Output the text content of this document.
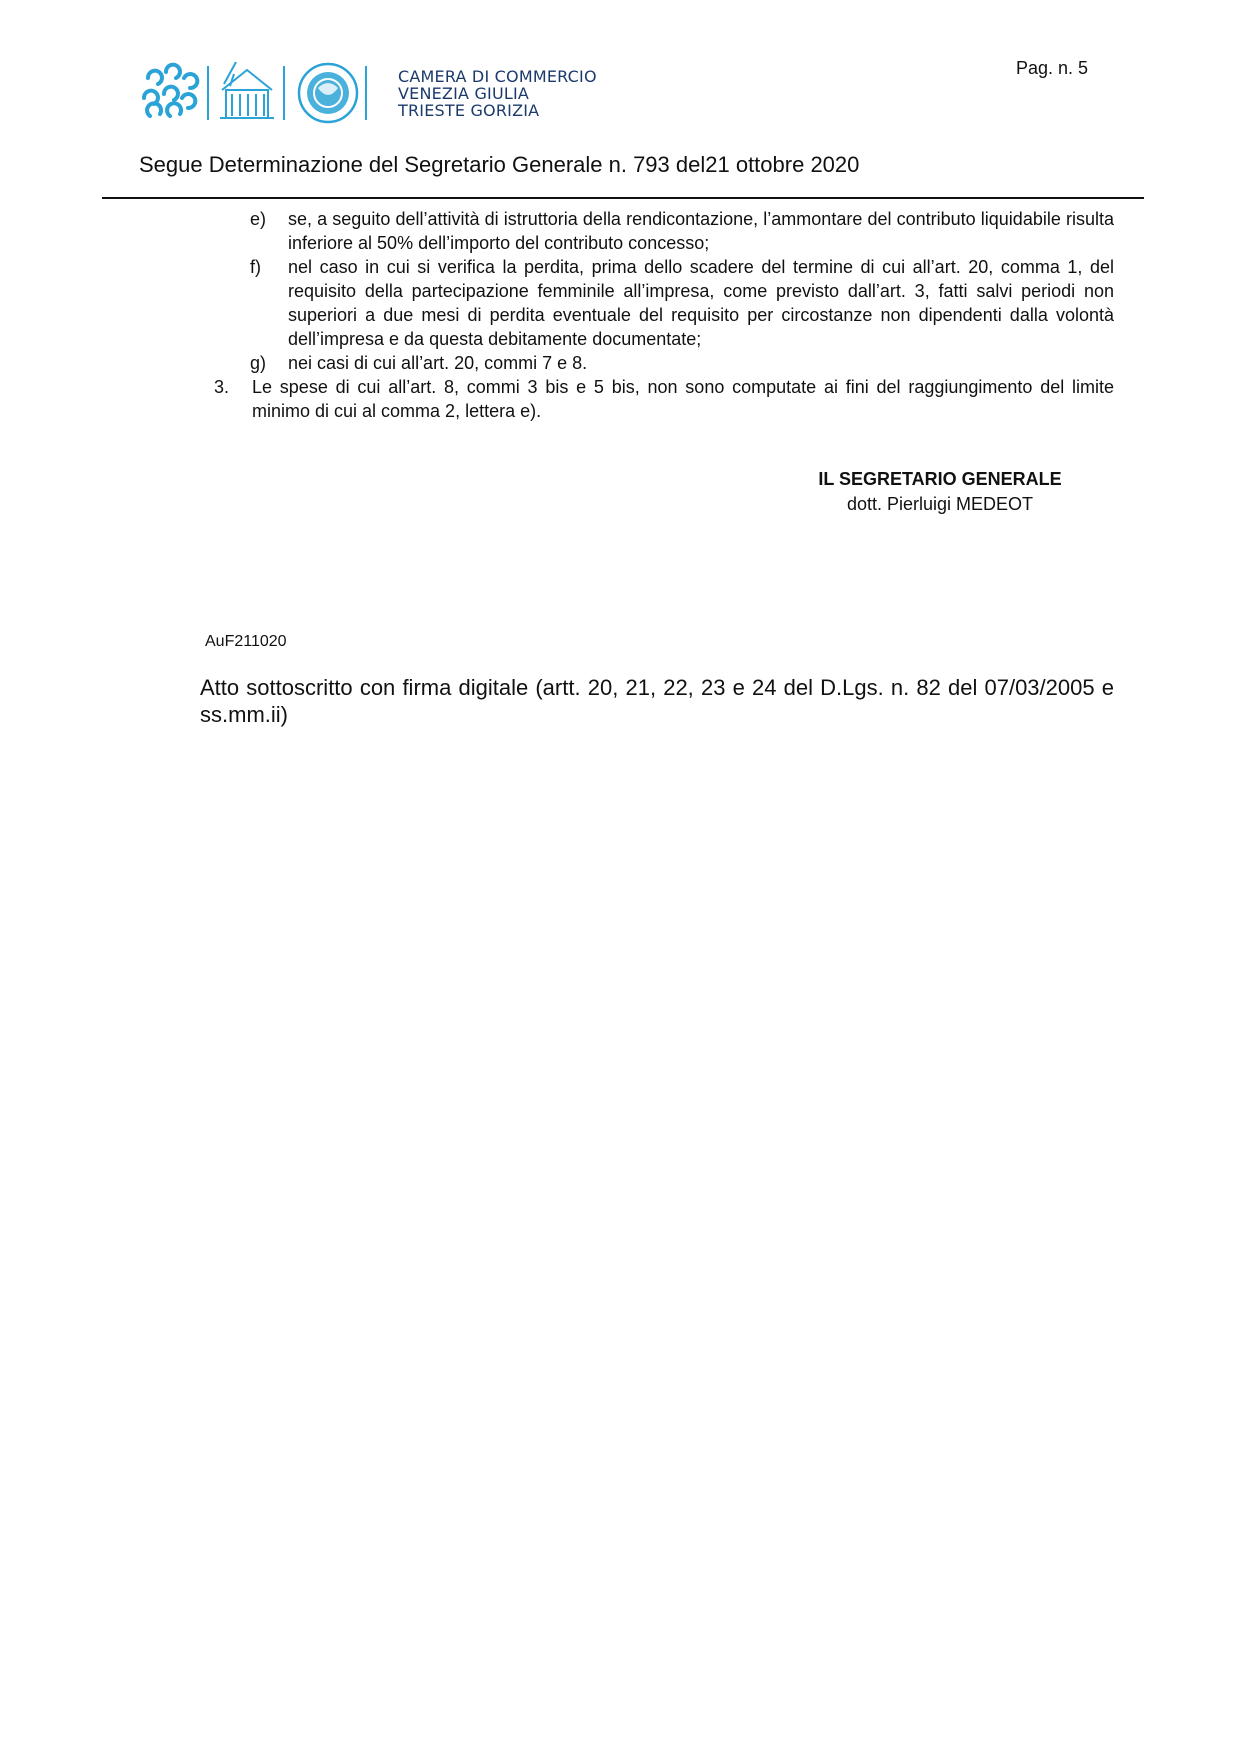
CAMERA DI COMMERCIO
VENEZIA GIULIA
TRIESTE GORIZIA
Pag. n. 5
Segue Determinazione del Segretario Generale n. 793 del21 ottobre 2020
e) se, a seguito dell’attività di istruttoria della rendicontazione, l’ammontare del contributo liquidabile risulta inferiore al 50% dell’importo del contributo concesso;
f) nel caso in cui si verifica la perdita, prima dello scadere del termine di cui all’art. 20, comma 1, del requisito della partecipazione femminile all’impresa, come previsto dall’art. 3, fatti salvi periodi non superiori a due mesi di perdita eventuale del requisito per circostanze non dipendenti dalla volontà dell’impresa e da questa debitamente documentate;
g) nei casi di cui all’art. 20, commi 7 e 8.
3. Le spese di cui all’art. 8, commi 3 bis e 5 bis, non sono computate ai fini del raggiungimento del limite minimo di cui al comma 2, lettera e).
IL SEGRETARIO GENERALE
dott. Pierluigi MEDEOT
AuF211020
Atto sottoscritto con firma digitale (artt. 20, 21, 22, 23 e 24 del D.Lgs. n. 82 del 07/03/2005 e ss.mm.ii)
